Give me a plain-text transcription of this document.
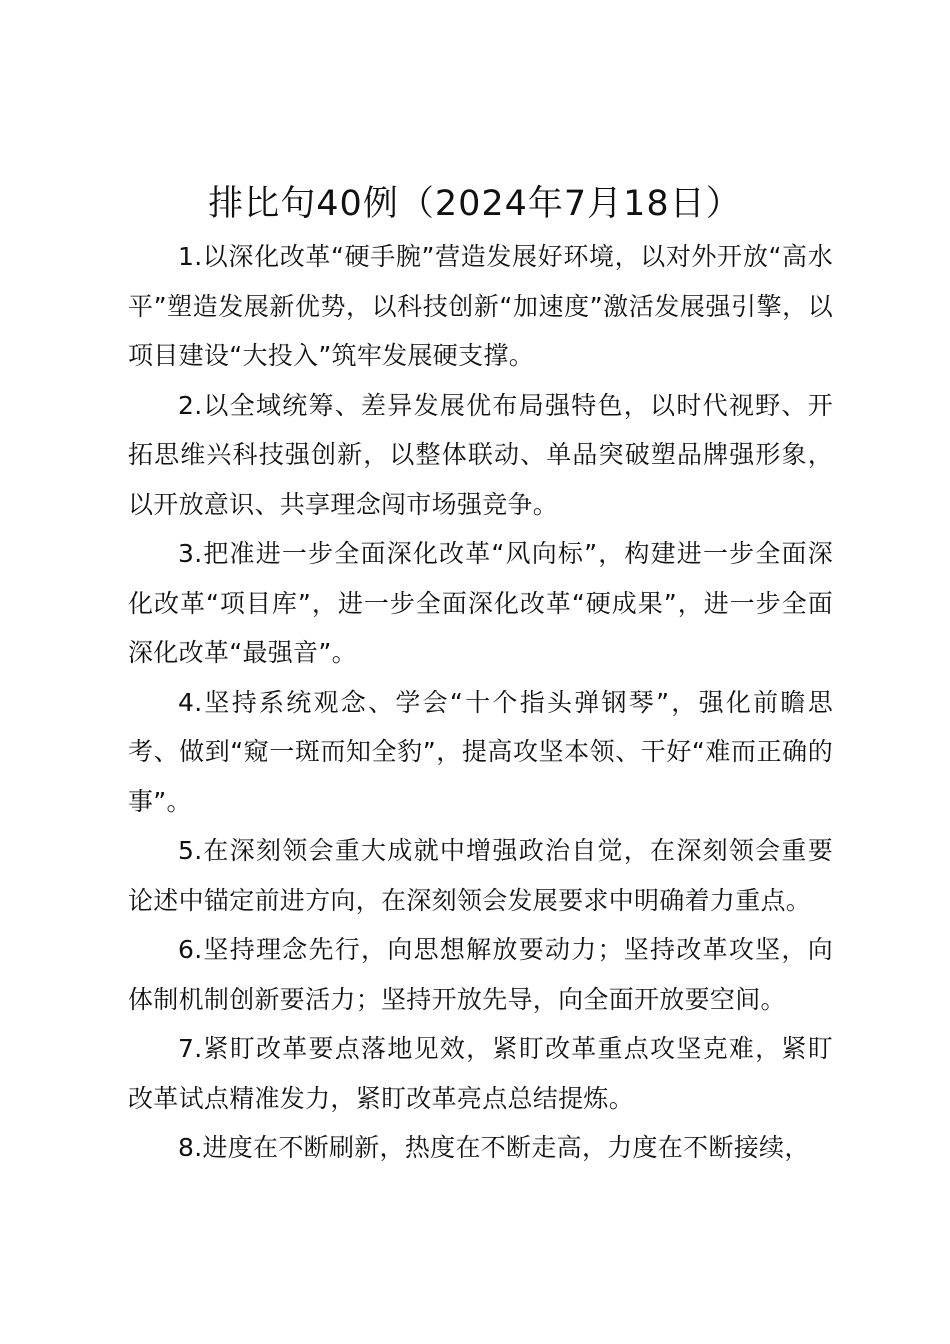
排比句40例（2024年7月18日）

1.以深化改革“硬手腕”营造发展好环境，以对外开放“高水平”塑造发展新优势，以科技创新“加速度”激活发展强引擎，以项目建设“大投入”筑牢发展硬支撑。

2.以全域统筹、差异发展优布局强特色，以时代视野、开拓思维兴科技强创新，以整体联动、单品突破塑品牌强形象，以开放意识、共享理念闯市场强竞争。

3.把准进一步全面深化改革“风向标”，构建进一步全面深化改革“项目库”，进一步全面深化改革“硬成果”，进一步全面深化改革“最强音”。

4.坚持系统观念、学会“十个指头弹钢琴”，强化前瞻思考、做到“窥一斑而知全豹”，提高攻坚本领、干好“难而正确的事”。

5.在深刻领会重大成就中增强政治自觉，在深刻领会重要论述中锚定前进方向，在深刻领会发展要求中明确着力重点。

6.坚持理念先行，向思想解放要动力；坚持改革攻坚，向体制机制创新要活力；坚持开放先导，向全面开放要空间。

7.紧盯改革要点落地见效，紧盯改革重点攻坚克难，紧盯改革试点精准发力，紧盯改革亮点总结提炼。

8.进度在不断刷新，热度在不断走高，力度在不断接续，
